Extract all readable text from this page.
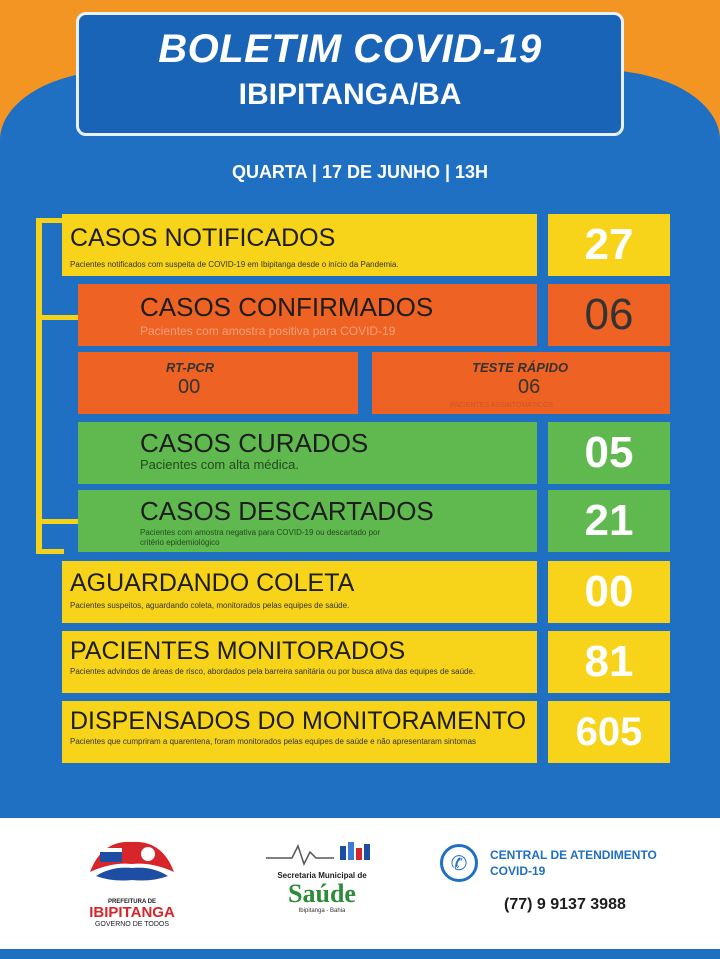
BOLETIM COVID-19
IBIPITANGA/BA
QUARTA | 17 DE JUNHO | 13H
CASOS NOTIFICADOS
Pacientes notificados com suspeita de COVID-19 em Ibipitanga desde o início da Pandemia.	27
CASOS CONFIRMADOS
Pacientes com amostra positiva para COVID-19	06
RT-PCR
00
TESTE RÁPIDO
06
PACIENTES ASSINTOMÁTICOS
CASOS CURADOS
Pacientes com alta médica.	05
CASOS DESCARTADOS
Pacientes com amostra negativa para COVID-19 ou descartado por critério epidemiológico	21
AGUARDANDO COLETA
Pacientes suspeitos, aguardando coleta, monitorados pelas equipes de saúde.	00
PACIENTES MONITORADOS
Pacientes advindos de áreas de risco, abordados pela barreira sanitária ou por busca ativa das equipes de saúde.	81
DISPENSADOS DO MONITORAMENTO
Pacientes que cumpriram a quarentena, foram monitorados pelas equipes de saúde e não apresentaram sintomas	605
PREFEITURA DE
IBIPITANGA
GOVERNO DE TODOS
Secretaria Municipal de
Saúde
Ibipitanga - Bahia
✆	CENTRAL DE ATENDIMENTO
COVID-19
(77) 9 9137 3988
